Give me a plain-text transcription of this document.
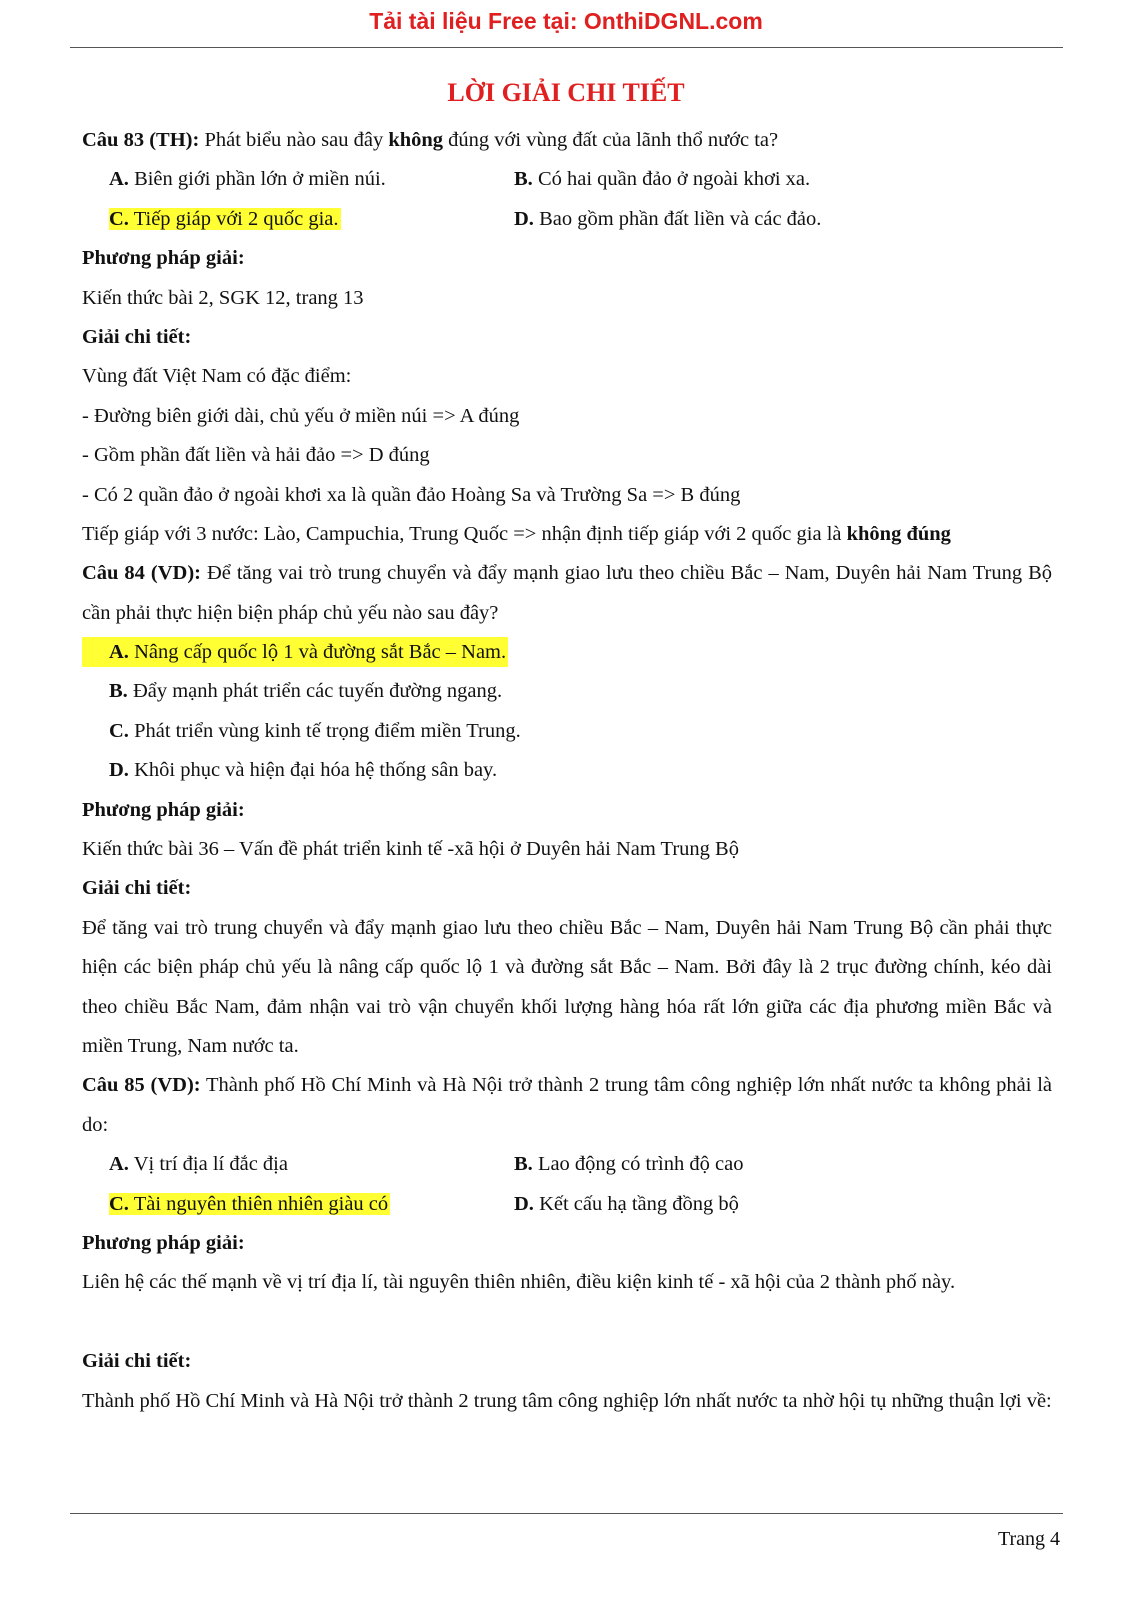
Tải tài liệu Free tại: OnthiDGNL.com
LỜI GIẢI CHI TIẾT
Câu 83 (TH): Phát biểu nào sau đây không đúng với vùng đất của lãnh thổ nước ta?
A. Biên giới phần lớn ở miền núi.	B. Có hai quần đảo ở ngoài khơi xa.
C. Tiếp giáp với 2 quốc gia.	D. Bao gồm phần đất liền và các đảo.
Phương pháp giải:
Kiến thức bài 2, SGK 12, trang 13
Giải chi tiết:
Vùng đất Việt Nam có đặc điểm:
- Đường biên giới dài, chủ yếu ở miền núi => A đúng
- Gồm phần đất liền và hải đảo => D đúng
- Có 2 quần đảo ở ngoài khơi xa là quần đảo Hoàng Sa và Trường Sa => B đúng
Tiếp giáp với 3 nước: Lào, Campuchia, Trung Quốc => nhận định tiếp giáp với 2 quốc gia là không đúng
Câu 84 (VD): Để tăng vai trò trung chuyển và đẩy mạnh giao lưu theo chiều Bắc – Nam, Duyên hải Nam Trung Bộ cần phải thực hiện biện pháp chủ yếu nào sau đây?
A. Nâng cấp quốc lộ 1 và đường sắt Bắc – Nam.
B. Đẩy mạnh phát triển các tuyến đường ngang.
C. Phát triển vùng kinh tế trọng điểm miền Trung.
D. Khôi phục và hiện đại hóa hệ thống sân bay.
Phương pháp giải:
Kiến thức bài 36 – Vấn đề phát triển kinh tế -xã hội ở Duyên hải Nam Trung Bộ
Giải chi tiết:
Để tăng vai trò trung chuyển và đẩy mạnh giao lưu theo chiều Bắc – Nam, Duyên hải Nam Trung Bộ cần phải thực hiện các biện pháp chủ yếu là nâng cấp quốc lộ 1 và đường sắt Bắc – Nam. Bởi đây là 2 trục đường chính, kéo dài theo chiều Bắc Nam, đảm nhận vai trò vận chuyển khối lượng hàng hóa rất lớn giữa các địa phương miền Bắc và miền Trung, Nam nước ta.
Câu 85 (VD): Thành phố Hồ Chí Minh và Hà Nội trở thành 2 trung tâm công nghiệp lớn nhất nước ta không phải là do:
A. Vị trí địa lí đắc địa	B. Lao động có trình độ cao
C. Tài nguyên thiên nhiên giàu có	D. Kết cấu hạ tầng đồng bộ
Phương pháp giải:
Liên hệ các thế mạnh về vị trí địa lí, tài nguyên thiên nhiên, điều kiện kinh tế - xã hội của 2 thành phố này.
Giải chi tiết:
Thành phố Hồ Chí Minh và Hà Nội trở thành 2 trung tâm công nghiệp lớn nhất nước ta nhờ hội tụ những thuận lợi về:
Trang 4
